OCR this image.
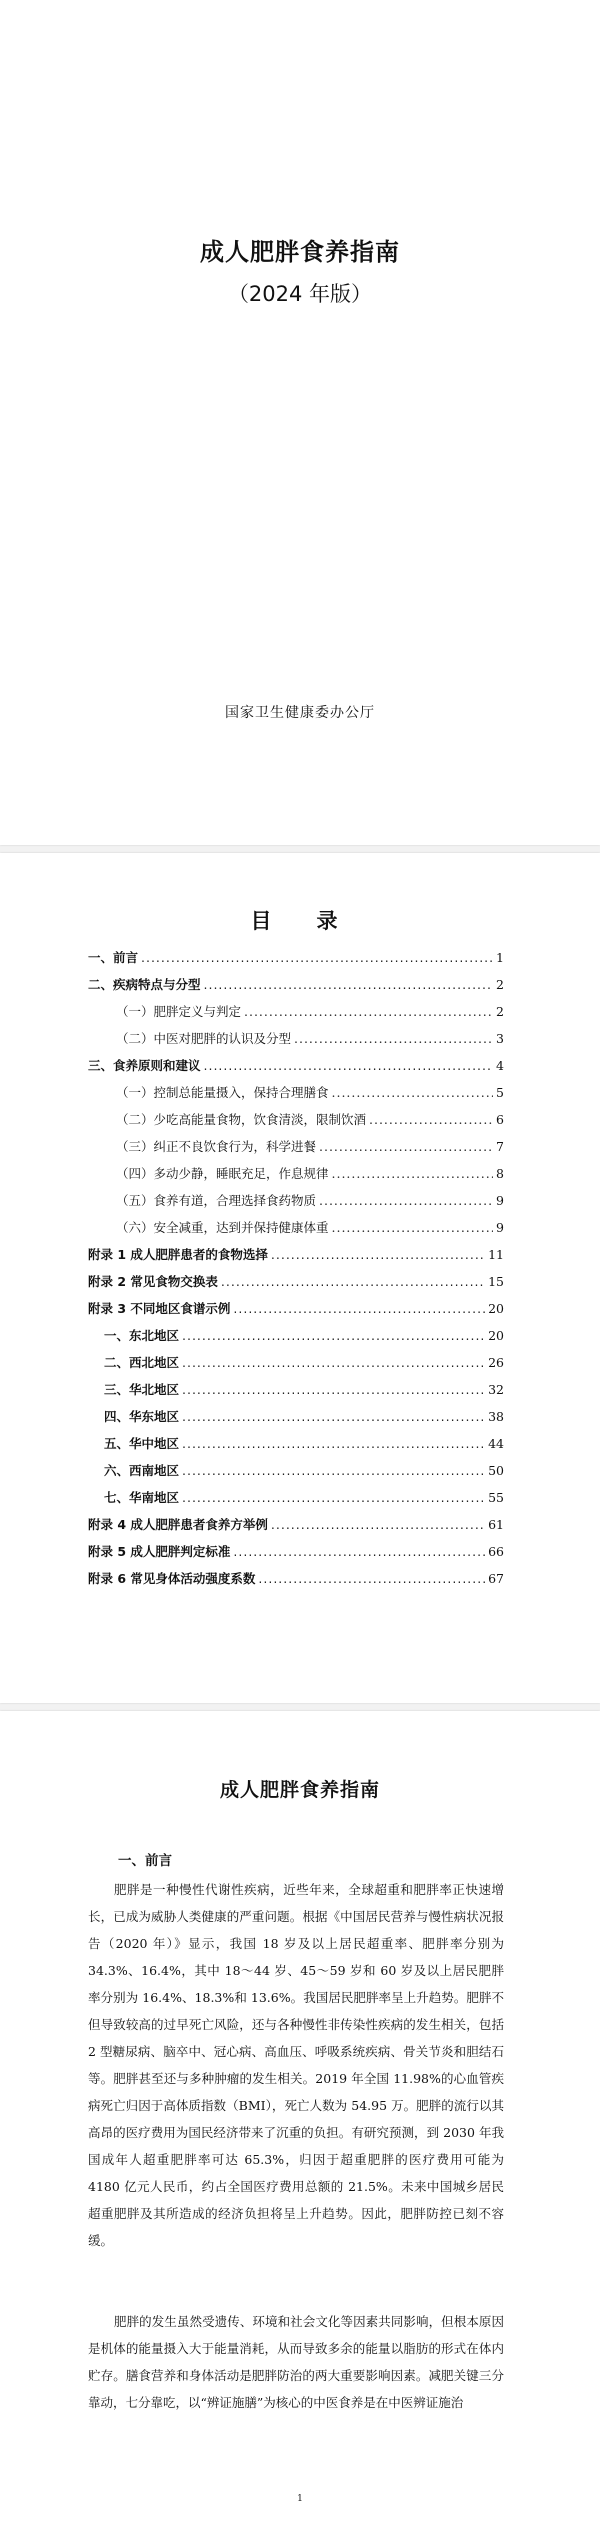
成人肥胖食养指南
（2024 年版）
国家卫生健康委办公厅
目　录
一、前言 .....	1
二、疾病特点与分型 .....	2
（一）肥胖定义与判定 .....	2
（二）中医对肥胖的认识及分型 .....	3
三、食养原则和建议 .....	4
（一）控制总能量摄入，保持合理膳食 .....	5
（二）少吃高能量食物，饮食清淡，限制饮酒 .....	6
（三）纠正不良饮食行为，科学进餐 .....	7
（四）多动少静，睡眠充足，作息规律 .....	8
（五）食养有道，合理选择食药物质 .....	9
（六）安全减重，达到并保持健康体重 .....	9
附录 1 成人肥胖患者的食物选择 .....	11
附录 2 常见食物交换表 .....	15
附录 3 不同地区食谱示例 .....	20
一、东北地区 .....	20
二、西北地区 .....	26
三、华北地区 .....	32
四、华东地区 .....	38
五、华中地区 .....	44
六、西南地区 .....	50
七、华南地区 .....	55
附录 4 成人肥胖患者食养方举例 .....	61
附录 5 成人肥胖判定标准 .....	66
附录 6 常见身体活动强度系数 .....	67
成人肥胖食养指南
一、前言

肥胖是一种慢性代谢性疾病，近些年来，全球超重和肥胖率正快速增长，已成为威胁人类健康的严重问题。根据《中国居民营养与慢性病状况报告（2020 年）》显示，我国 18 岁及以上居民超重率、肥胖率分别为 34.3%、16.4%，其中 18～44 岁、45～59 岁和 60 岁及以上居民肥胖率分别为 16.4%、18.3%和 13.6%。我国居民肥胖率呈上升趋势。肥胖不但导致较高的过早死亡风险，还与各种慢性非传染性疾病的发生相关，包括 2 型糖尿病、脑卒中、冠心病、高血压、呼吸系统疾病、骨关节炎和胆结石等。肥胖甚至还与多种肿瘤的发生相关。2019 年全国 11.98%的心血管疾病死亡归因于高体质指数（BMI），死亡人数为 54.95 万。肥胖的流行以其高昂的医疗费用为国民经济带来了沉重的负担。有研究预测，到 2030 年我国成年人超重肥胖率可达 65.3%，归因于超重肥胖的医疗费用可能为 4180 亿元人民币，约占全国医疗费用总额的 21.5%。未来中国城乡居民超重肥胖及其所造成的经济负担将呈上升趋势。因此，肥胖防控已刻不容缓。

肥胖的发生虽然受遗传、环境和社会文化等因素共同影响，但根本原因是机体的能量摄入大于能量消耗，从而导致多余的能量以脂肪的形式在体内贮存。膳食营养和身体活动是肥胖防治的两大重要影响因素。减肥关键三分靠动，七分靠吃，以“辨证施膳”为核心的中医食养是在中医辨证施治

1
